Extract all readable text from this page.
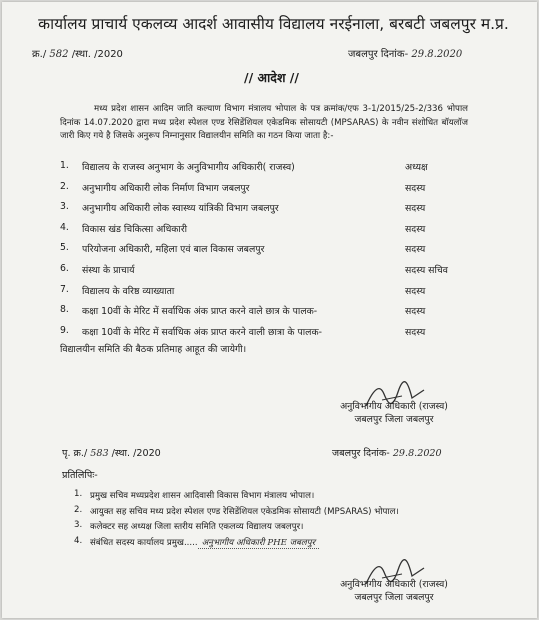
कार्यालय प्राचार्य एकलव्य आदर्श आवासीय विद्यालय नरईनाला, बरबटी जबलपुर म.प्र.
क्र./ 582 /स्था. /2020	जबलपुर दिनांक- 29.8.2020
// आदेश //
मध्य प्रदेश शासन आदिम जाति कल्याण विभाग मंत्रालय भोपाल के पत्र क्रमांक/एफ 3-1/2015/25-2/336 भोपाल दिनांक 14.07.2020 द्वारा मध्य प्रदेश स्पेशल एण्ड रेसिडेंशियल एकेडमिक सोसायटी (MPSARAS) के नवीन संशोधित बॉयलॉज जारी किए गये है जिसके अनुरूप निम्नानुसार विद्यालयीन समिति का गठन किया जाता है:-
1.	विद्यालय के राजस्व अनुभाग के अनुविभागीय अधिकारी( राजस्व)	अध्यक्ष
2.	अनुभागीय अधिकारी लोक निर्माण विभाग जबलपुर	सदस्य
3.	अनुभागीय अधिकारी लोक स्वास्थ्य यांत्रिकी विभाग जबलपुर	सदस्य
4.	विकास खंड चिकित्सा अधिकारी	सदस्य
5.	परियोजना अधिकारी, महिला एवं बाल विकास जबलपुर	सदस्य
6.	संस्था के प्राचार्य	सदस्य सचिव
7.	विद्यालय के वरिष्ठ व्याख्याता	सदस्य
8.	कक्षा 10वीं के मेरिट में सर्वाधिक अंक प्राप्त करने वाले छात्र के पालक-	सदस्य
9.	कक्षा 10वीं के मेरिट में सर्वाधिक अंक प्राप्त करने वाली छात्रा के पालक-	सदस्य
विद्यालयीन समिति की बैठक प्रतिमाह आहूत की जायेगी।
अनुविभागीय अधिकारी (राजस्व)
जबलपुर जिला जबलपुर
पृ. क्र./ 583 /स्था. /2020	जबलपुर दिनांक- 29.8.2020
प्रतिलिपिः-
1. प्रमुख सचिव मध्यप्रदेश शासन आदिवासी विकास विभाग मंत्रालय भोपाल।
2. आयुक्त सह सचिव मध्य प्रदेश स्पेशल एण्ड रेसिडेंशियल एकेडमिक सोसायटी (MPSARAS) भोपाल।
3. कलेक्टर सह अध्यक्ष जिला स्तरीय समिति एकलव्य विद्यालय जबलपुर।
4. संबंधित सदस्य कार्यालय प्रमुख..... अनुभागीय अधिकारी PHE जबलपुर
अनुविभागीय अधिकारी (राजस्व)
जबलपुर जिला जबलपुर
